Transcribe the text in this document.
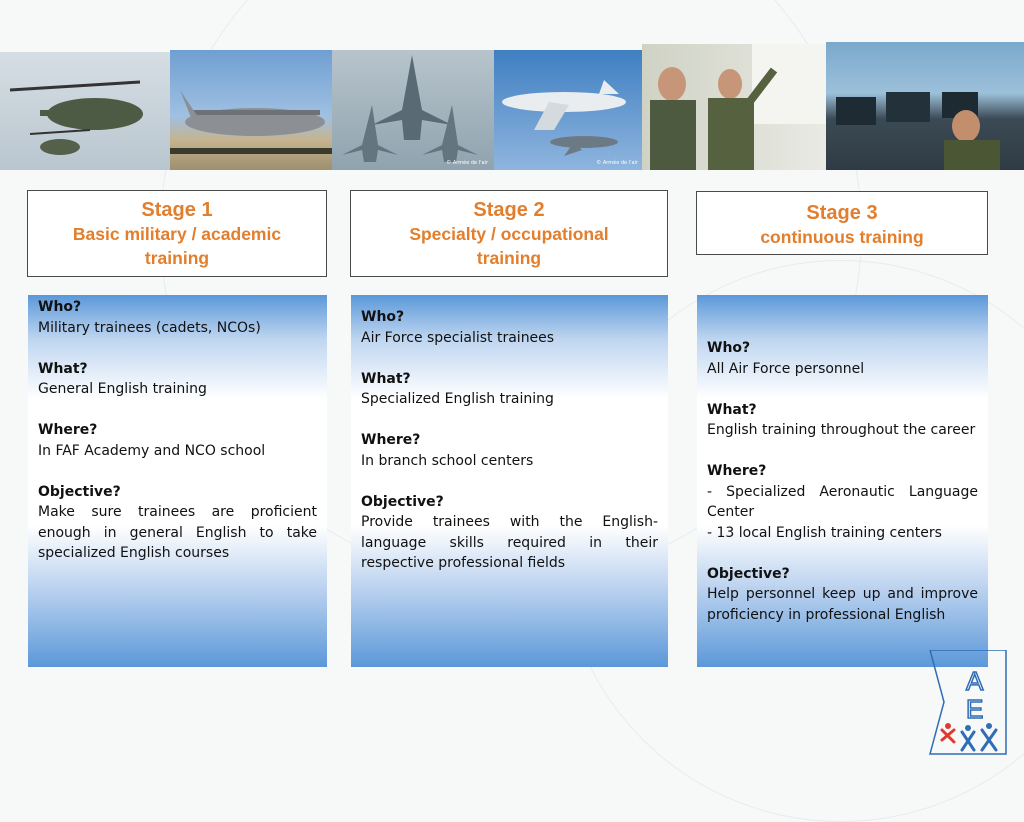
© Armée de l'air	© Armée de l'air
Stage 1
Basic military / academic training
Stage 2
Specialty / occupational training
Stage 3
continuous training
Who?
Military trainees (cadets, NCOs)
What?
General English training
Where?
In FAF Academy and NCO school
Objective?
Make sure trainees are proficient enough in general English to take specialized English courses
Who?
Air Force specialist trainees
What?
Specialized English training
Where?
In branch school centers
Objective?
Provide trainees with the English-language skills required in their respective professional fields
Who?
All Air Force personnel
What?
English training throughout the career
Where?
- Specialized Aeronautic Language Center
- 13 local English training centers
Objective?
Help personnel keep up and improve proficiency in professional English
A
E
